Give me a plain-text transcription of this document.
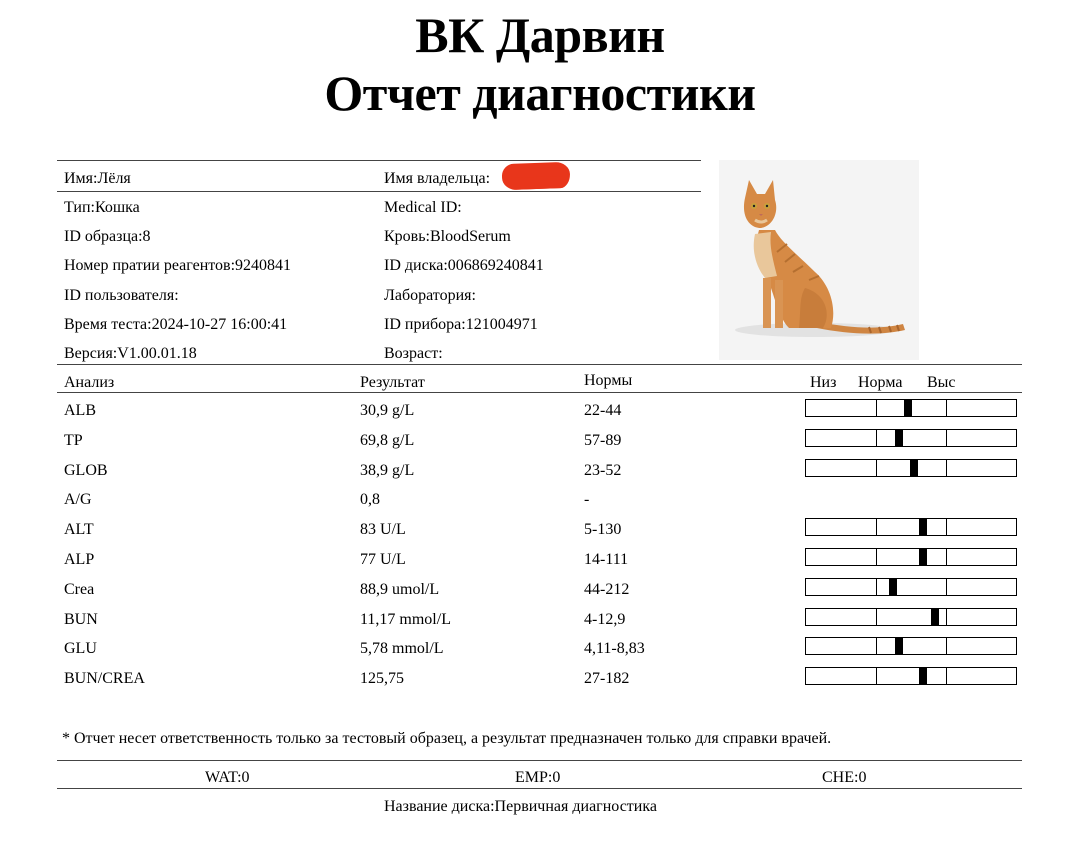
ВК Дарвин
Отчет диагностики
Имя:Лёля
Тип:Кошка
ID образца:8
Номер пратии реагентов:9240841
ID пользователя:
Время теста:2024-10-27 16:00:41
Версия:V1.00.01.18
Имя владельца:
Medical ID:
Кровь:BloodSerum
ID диска:006869240841
Лаборатория:
ID прибора:121004971
Возраст:
Анализ	Результат	Нормы	Низ Норма Выс
ALB	30,9 g/L	22-44
TP	69,8 g/L	57-89
GLOB	38,9 g/L	23-52
A/G	0,8	-
ALT	83 U/L	5-130
ALP	77 U/L	14-111
Crea	88,9 umol/L	44-212
BUN	11,17 mmol/L	4-12,9
GLU	5,78 mmol/L	4,11-8,83
BUN/CREA	125,75	27-182
* Отчет несет ответственность только за тестовый образец, а результат предназначен только для справки врачей.
WAT:0	EMP:0	CHE:0
Название диска:Первичная диагностика
